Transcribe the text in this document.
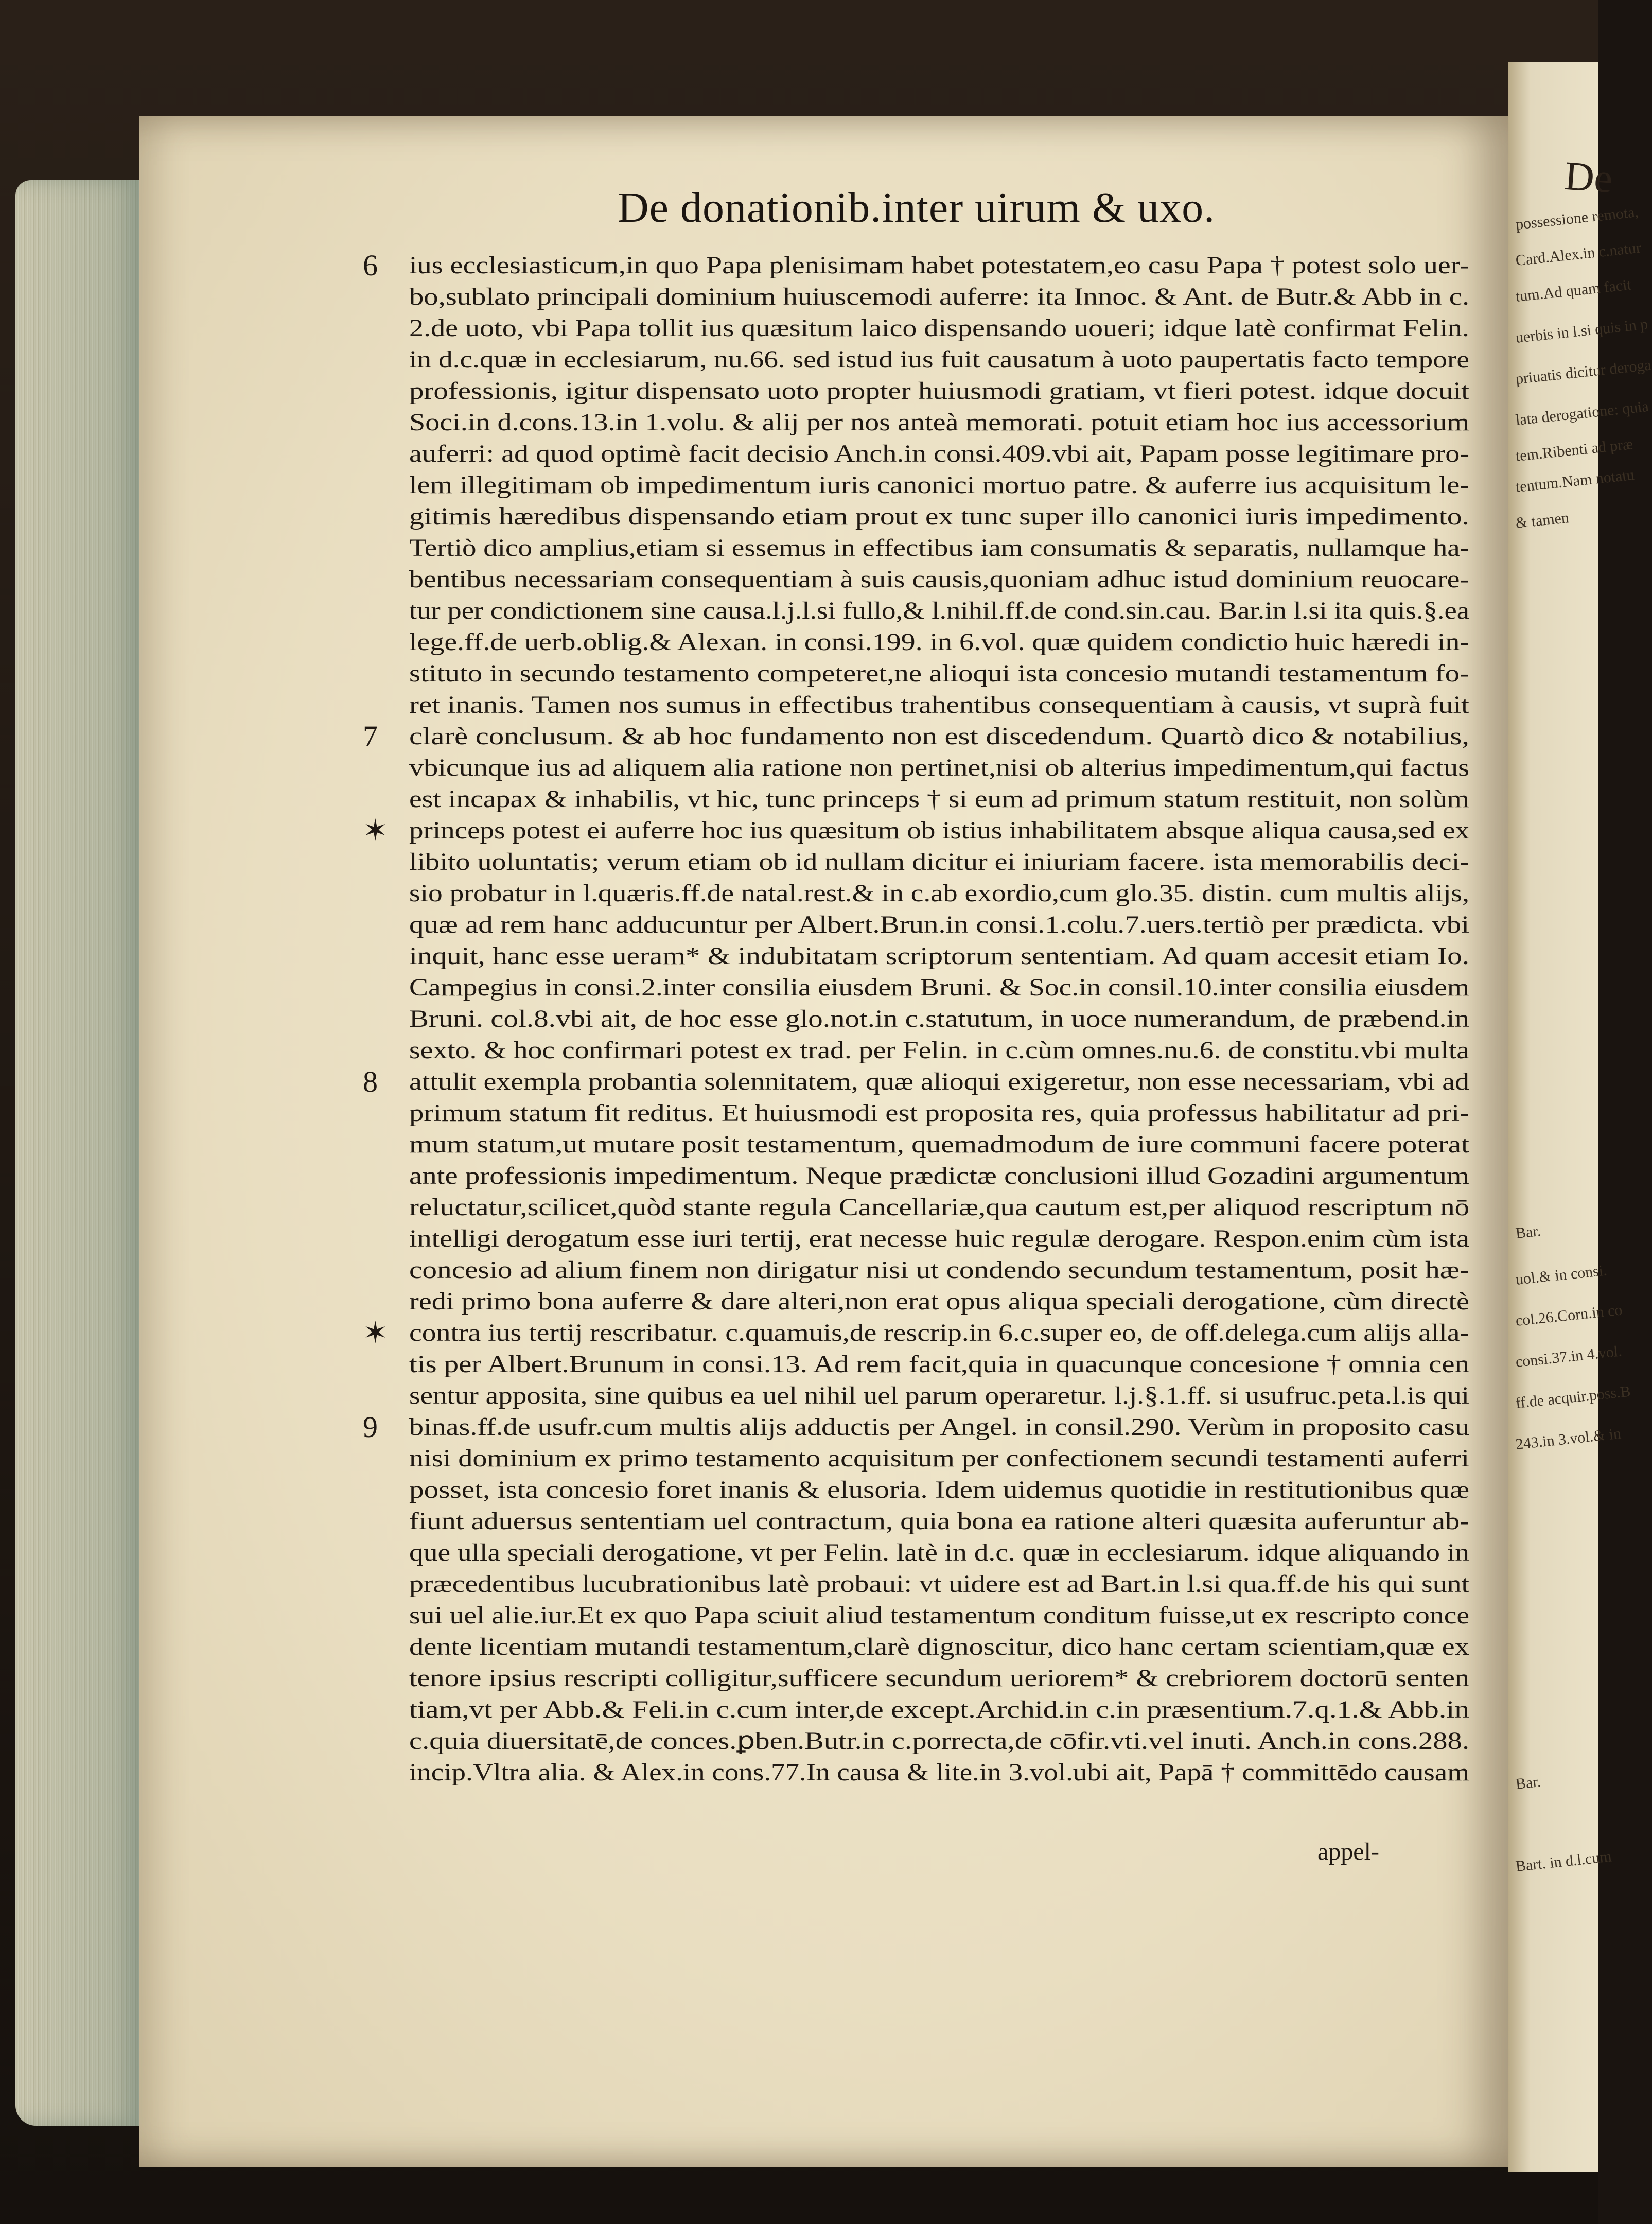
De
possessione remota,
Card.Alex.in c.natur
tum.Ad quam facit
uerbis in l.si quis in p
priuatis dicitur deroga
lata derogatione: quia
tem.Ribenti ad præ
tentum.Nam notatu
& tamen
Bar.
uol.& in consi.
col.26.Corn.in co
consi.37.in 4.vol.
ff.de acquir.poss.B
243.in 3.vol.& in
Bar.
Bart. in d.l.cum
De donationib.inter uirum & uxo.
ius ecclesiasticum,in quo Papa plenisimam habet potestatem,eo casu Papa † potest solo uer-
bo,sublato principali dominium huiuscemodi auferre: ita Innoc. & Ant. de Butr.& Abb in c.
2.de uoto, vbi Papa tollit ius quæsitum laico dispensando uoueri; idque latè confirmat Felin.
in d.c.quæ in ecclesiarum, nu.66. sed istud ius fuit causatum à uoto paupertatis facto tempore
professionis, igitur dispensato uoto propter huiusmodi gratiam, vt fieri potest. idque docuit
Soci.in d.cons.13.in 1.volu. & alij per nos anteà memorati. potuit etiam hoc ius accessorium
auferri: ad quod optimè facit decisio Anch.in consi.409.vbi ait, Papam posse legitimare pro-
lem illegitimam ob impedimentum iuris canonici mortuo patre. & auferre ius acquisitum le-
gitimis hæredibus dispensando etiam prout ex tunc super illo canonici iuris impedimento.
Tertiò dico amplius,etiam si essemus in effectibus iam consumatis & separatis, nullamque ha-
bentibus necessariam consequentiam à suis causis,quoniam adhuc istud dominium reuocare-
tur per condictionem sine causa.l.j.l.si fullo,& l.nihil.ff.de cond.sin.cau. Bar.in l.si ita quis.§.ea
lege.ff.de uerb.oblig.& Alexan. in consi.199. in 6.vol. quæ quidem condictio huic hæredi in-
stituto in secundo testamento competeret,ne alioqui ista concesio mutandi testamentum fo-
ret inanis. Tamen nos sumus in effectibus trahentibus consequentiam à causis, vt suprà fuit
clarè conclusum. & ab hoc fundamento non est discedendum. Quartò dico & notabilius,
vbicunque ius ad aliquem alia ratione non pertinet,nisi ob alterius impedimentum,qui factus
est incapax & inhabilis, vt hic, tunc princeps † si eum ad primum statum restituit, non solùm
princeps potest ei auferre hoc ius quæsitum ob istius inhabilitatem absque aliqua causa,sed ex
libito uoluntatis; verum etiam ob id nullam dicitur ei iniuriam facere. ista memorabilis deci-
sio probatur in l.quæris.ff.de natal.rest.& in c.ab exordio,cum glo.35. distin. cum multis alijs,
quæ ad rem hanc adducuntur per Albert.Brun.in consi.1.colu.7.uers.tertiò per prædicta. vbi
inquit, hanc esse ueram* & indubitatam scriptorum sententiam. Ad quam accesit etiam Io.
Campegius in consi.2.inter consilia eiusdem Bruni. & Soc.in consil.10.inter consilia eiusdem
Bruni. col.8.vbi ait, de hoc esse glo.not.in c.statutum, in uoce numerandum, de præbend.in
sexto. & hoc confirmari potest ex trad. per Felin. in c.cùm omnes.nu.6. de constitu.vbi multa
attulit exempla probantia solennitatem, quæ alioqui exigeretur, non esse necessariam, vbi ad
primum statum fit reditus. Et huiusmodi est proposita res, quia professus habilitatur ad pri-
mum statum,ut mutare posit testamentum, quemadmodum de iure communi facere poterat
ante professionis impedimentum. Neque prædictæ conclusioni illud Gozadini argumentum
reluctatur,scilicet,quòd stante regula Cancellariæ,qua cautum est,per aliquod rescriptum nō
intelligi derogatum esse iuri tertij, erat necesse huic regulæ derogare. Respon.enim cùm ista
concesio ad alium finem non dirigatur nisi ut condendo secundum testamentum, posit hæ-
redi primo bona auferre & dare alteri,non erat opus aliqua speciali derogatione, cùm directè
contra ius tertij rescribatur. c.quamuis,de rescrip.in 6.c.super eo, de off.delega.cum alijs alla-
tis per Albert.Brunum in consi.13. Ad rem facit,quia in quacunque concesione † omnia cen
sentur apposita, sine quibus ea uel nihil uel parum operaretur. l.j.§.1.ff. si usufruc.peta.l.is qui
binas.ff.de usufr.cum multis alijs adductis per Angel. in consil.290. Verùm in proposito casu
nisi dominium ex primo testamento acquisitum per confectionem secundi testamenti auferri
posset, ista concesio foret inanis & elusoria. Idem uidemus quotidie in restitutionibus quæ
fiunt aduersus sententiam uel contractum, quia bona ea ratione alteri quæsita auferuntur ab-
que ulla speciali derogatione, vt per Felin. latè in d.c. quæ in ecclesiarum. idque aliquando in
præcedentibus lucubrationibus latè probaui: vt uidere est ad Bart.in l.si qua.ff.de his qui sunt
sui uel alie.iur.Et ex quo Papa sciuit aliud testamentum conditum fuisse,ut ex rescripto conce
dente licentiam mutandi testamentum,clarè dignoscitur, dico hanc certam scientiam,quæ ex
tenore ipsius rescripti colligitur,sufficere secundum ueriorem* & crebriorem doctorū senten
tiam,vt per Abb.& Feli.in c.cum inter,de except.Archid.in c.in præsentium.7.q.1.& Abb.in
c.quia diuersitatē,de conces.ꝑben.Butr.in c.porrecta,de cōfir.vti.vel inuti. Anch.in cons.288.
incip.Vltra alia. & Alex.in cons.77.In causa & lite.in 3.vol.ubi ait, Papā † committēdo causam
6
7
✶
8
✶
9
appel-
